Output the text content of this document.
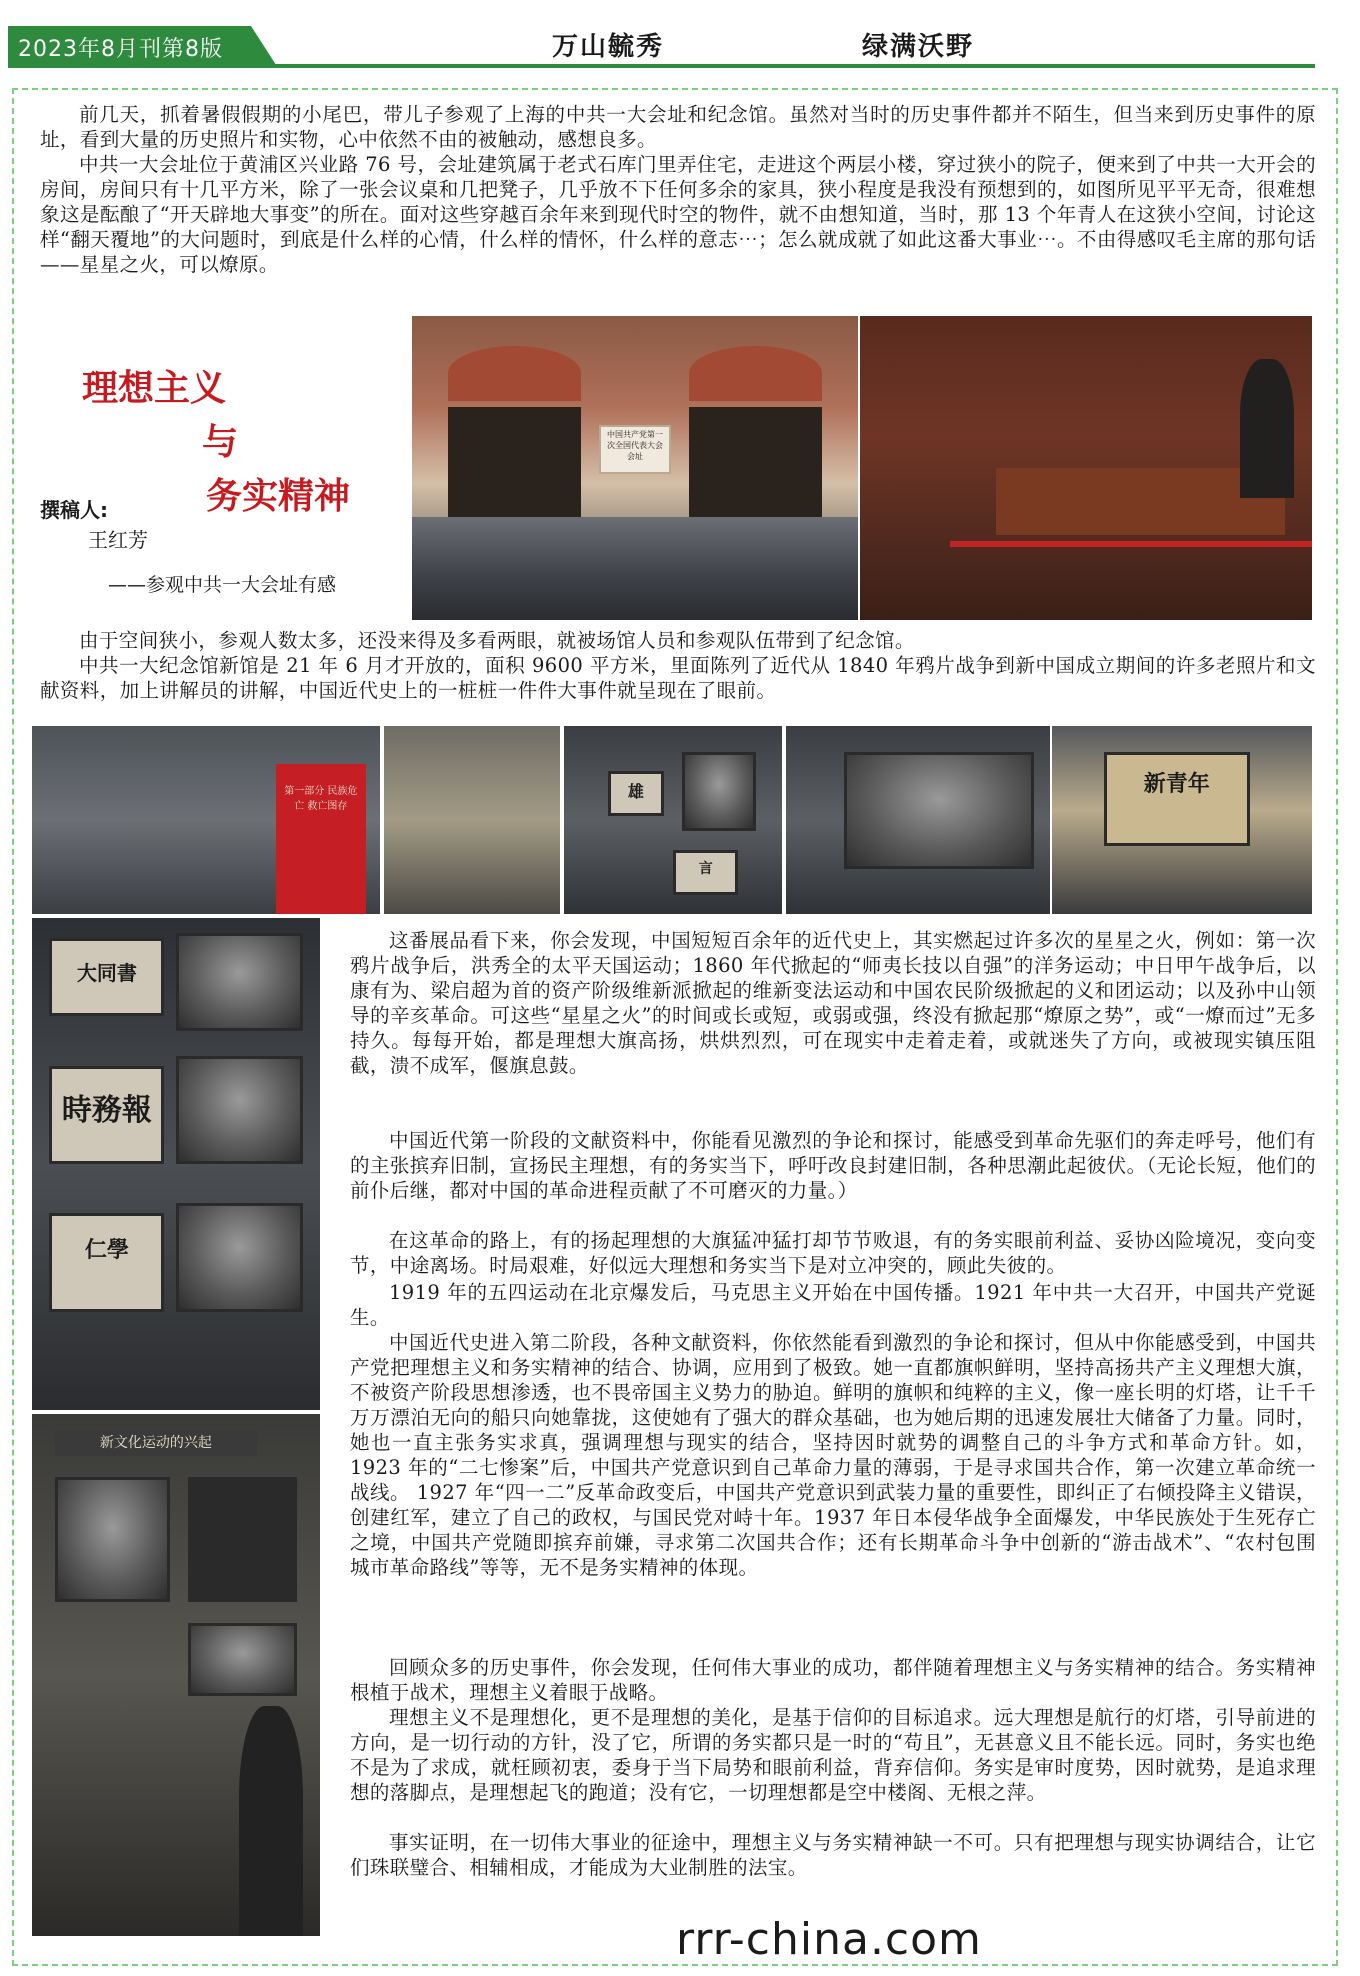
2023年8月刊第8版	万山毓秀	绿满沃野

前几天，抓着暑假假期的小尾巴，带儿子参观了上海的中共一大会址和纪念馆。虽然对当时的历史事件都并不陌生，但当来到历史事件的原址，看到大量的历史照片和实物，心中依然不由的被触动，感想良多。

中共一大会址位于黄浦区兴业路 76 号，会址建筑属于老式石库门里弄住宅，走进这个两层小楼，穿过狭小的院子，便来到了中共一大开会的房间，房间只有十几平方米，除了一张会议桌和几把凳子，几乎放不下任何多余的家具，狭小程度是我没有预想到的，如图所见平平无奇，很难想象这是酝酿了“开天辟地大事变”的所在。面对这些穿越百余年来到现代时空的物件，就不由想知道，当时，那 13 个年青人在这狭小空间，讨论这样“翻天覆地”的大问题时，到底是什么样的心情，什么样的情怀，什么样的意志⋯；怎么就成就了如此这番大事业⋯。不由得感叹毛主席的那句话——星星之火，可以燎原。

理想主义
与
务实精神
撰稿人:
王红芳
——参观中共一大会址有感
中国共产党第一次全国代表大会会址

由于空间狭小，参观人数太多，还没来得及多看两眼，就被场馆人员和参观队伍带到了纪念馆。

中共一大纪念馆新馆是 21 年 6 月才开放的，面积 9600 平方米，里面陈列了近代从 1840 年鸦片战争到新中国成立期间的许多老照片和文献资料，加上讲解员的讲解，中国近代史上的一桩桩一件件大事件就呈现在了眼前。

第一部分 民族危亡 救亡图存
雄
言
新青年
大同書
時務報
仁學
新文化运动的兴起

这番展品看下来，你会发现，中国短短百余年的近代史上，其实燃起过许多次的星星之火，例如：第一次鸦片战争后，洪秀全的太平天国运动；1860 年代掀起的“师夷长技以自强”的洋务运动；中日甲午战争后，以康有为、梁启超为首的资产阶级维新派掀起的维新变法运动和中国农民阶级掀起的义和团运动；以及孙中山领导的辛亥革命。可这些“星星之火”的时间或长或短，或弱或强，终没有掀起那“燎原之势”，或“一燎而过”无多持久。每每开始，都是理想大旗高扬，烘烘烈烈，可在现实中走着走着，或就迷失了方向，或被现实镇压阻截，溃不成军，偃旗息鼓。

中国近代第一阶段的文献资料中，你能看见激烈的争论和探讨，能感受到革命先驱们的奔走呼号，他们有的主张摈弃旧制，宣扬民主理想，有的务实当下，呼吁改良封建旧制，各种思潮此起彼伏。（无论长短，他们的前仆后继，都对中国的革命进程贡献了不可磨灭的力量。）

在这革命的路上，有的扬起理想的大旗猛冲猛打却节节败退，有的务实眼前利益、妥协凶险境况，变向变节，中途离场。时局艰难，好似远大理想和务实当下是对立冲突的，顾此失彼的。

1919 年的五四运动在北京爆发后，马克思主义开始在中国传播。1921 年中共一大召开，中国共产党诞生。

中国近代史进入第二阶段，各种文献资料，你依然能看到激烈的争论和探讨，但从中你能感受到，中国共产党把理想主义和务实精神的结合、协调，应用到了极致。她一直都旗帜鲜明，坚持高扬共产主义理想大旗，不被资产阶段思想渗透，也不畏帝国主义势力的胁迫。鲜明的旗帜和纯粹的主义，像一座长明的灯塔，让千千万万漂泊无向的船只向她靠拢，这使她有了强大的群众基础，也为她后期的迅速发展壮大储备了力量。同时，她也一直主张务实求真，强调理想与现实的结合，坚持因时就势的调整自己的斗争方式和革命方针。如，1923 年的“二七惨案”后，中国共产党意识到自己革命力量的薄弱，于是寻求国共合作，第一次建立革命统一战线。 1927 年“四一二”反革命政变后，中国共产党意识到武装力量的重要性，即纠正了右倾投降主义错误，创建红军，建立了自己的政权，与国民党对峙十年。1937 年日本侵华战争全面爆发，中华民族处于生死存亡之境，中国共产党随即摈弃前嫌，寻求第二次国共合作；还有长期革命斗争中创新的“游击战术”、“农村包围城市革命路线”等等，无不是务实精神的体现。

回顾众多的历史事件，你会发现，任何伟大事业的成功，都伴随着理想主义与务实精神的结合。务实精神根植于战术，理想主义着眼于战略。

理想主义不是理想化，更不是理想的美化，是基于信仰的目标追求。远大理想是航行的灯塔，引导前进的方向，是一切行动的方针，没了它，所谓的务实都只是一时的“苟且”，无甚意义且不能长远。同时，务实也绝不是为了求成，就枉顾初衷，委身于当下局势和眼前利益，背弃信仰。务实是审时度势，因时就势，是追求理想的落脚点，是理想起飞的跑道；没有它，一切理想都是空中楼阁、无根之萍。

事实证明，在一切伟大事业的征途中，理想主义与务实精神缺一不可。只有把理想与现实协调结合，让它们珠联璧合、相辅相成，才能成为大业制胜的法宝。

rrr-china.com
